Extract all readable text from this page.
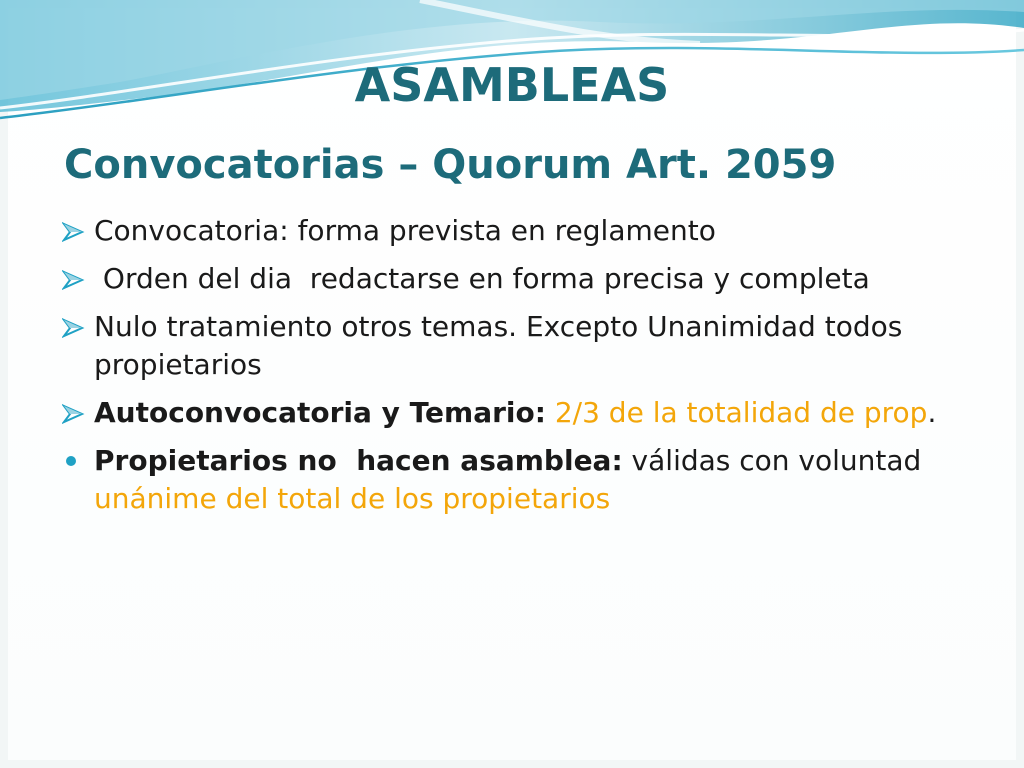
ASAMBLEAS
Convocatorias – Quorum Art. 2059
Convocatoria: forma prevista en reglamento
Orden del dia  redactarse en forma precisa y completa
Nulo tratamiento otros temas. Excepto Unanimidad todos propietarios
Autoconvocatoria y Temario: 2/3 de la totalidad de prop.
Propietarios no  hacen asamblea: válidas con voluntad unánime del total de los propietarios
